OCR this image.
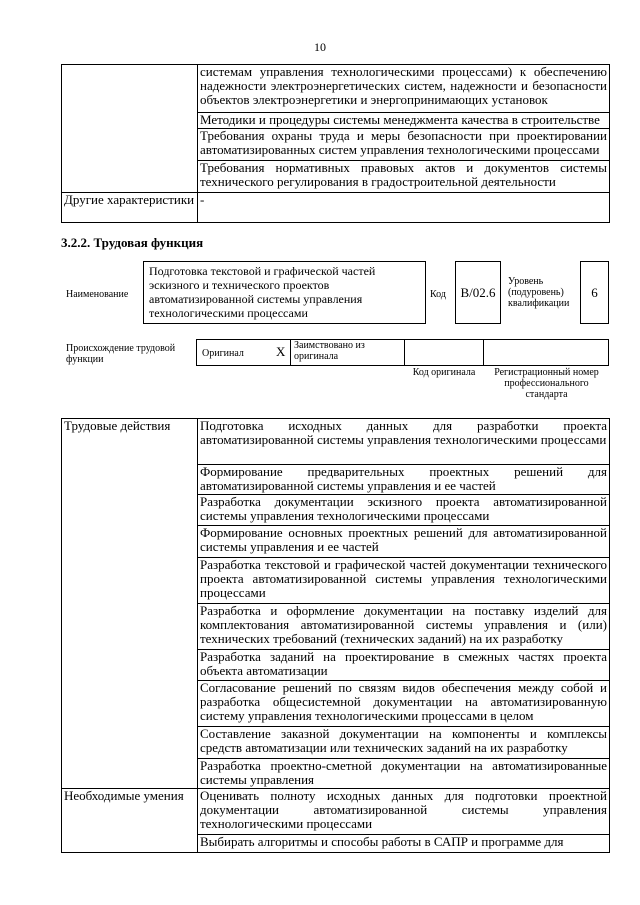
10
	системам управления технологическими процессами) к обеспечению надежности электроэнергетических систем, надежности и безопасности объектов электроэнергетики и энергопринимающих установок
	Методики и процедуры системы менеджмента качества в строительстве
	Требования охраны труда и меры безопасности при проектировании автоматизированных систем управления технологическими процессами
	Требования нормативных правовых актов и документов системы технического регулирования в градостроительной деятельности
Другие характеристики	-
3.2.2. Трудовая функция
Наименование
Подготовка текстовой и графической частей эскизного и технического проектов автоматизированной системы управления технологическими процессами
Код	В/02.6
Уровень (подуровень) квалификации
6
Происхождение трудовой функции
Оригинал Х Заимствовано из оригинала
Код оригинала	Регистрационный номер профессионального стандарта
Трудовые действия	Подготовка исходных данных для разработки проекта автоматизированной системы управления технологическими процессами
	Формирование предварительных проектных решений для автоматизированной системы управления и ее частей
	Разработка документации эскизного проекта автоматизированной системы управления технологическими процессами
	Формирование основных проектных решений для автоматизированной системы управления и ее частей
	Разработка текстовой и графической частей документации технического проекта автоматизированной системы управления технологическими процессами
	Разработка и оформление документации на поставку изделий для комплектования автоматизированной системы управления и (или) технических требований (технических заданий) на их разработку
	Разработка заданий на проектирование в смежных частях проекта объекта автоматизации
	Согласование решений по связям видов обеспечения между собой и разработка общесистемной документации на автоматизированную систему управления технологическими процессами в целом
	Составление заказной документации на компоненты и комплексы средств автоматизации или технических заданий на их разработку
	Разработка проектно-сметной документации на автоматизированные системы управления
Необходимые умения	Оценивать полноту исходных данных для подготовки проектной документации автоматизированной системы управления технологическими процессами
	Выбирать алгоритмы и способы работы в САПР и программе для
